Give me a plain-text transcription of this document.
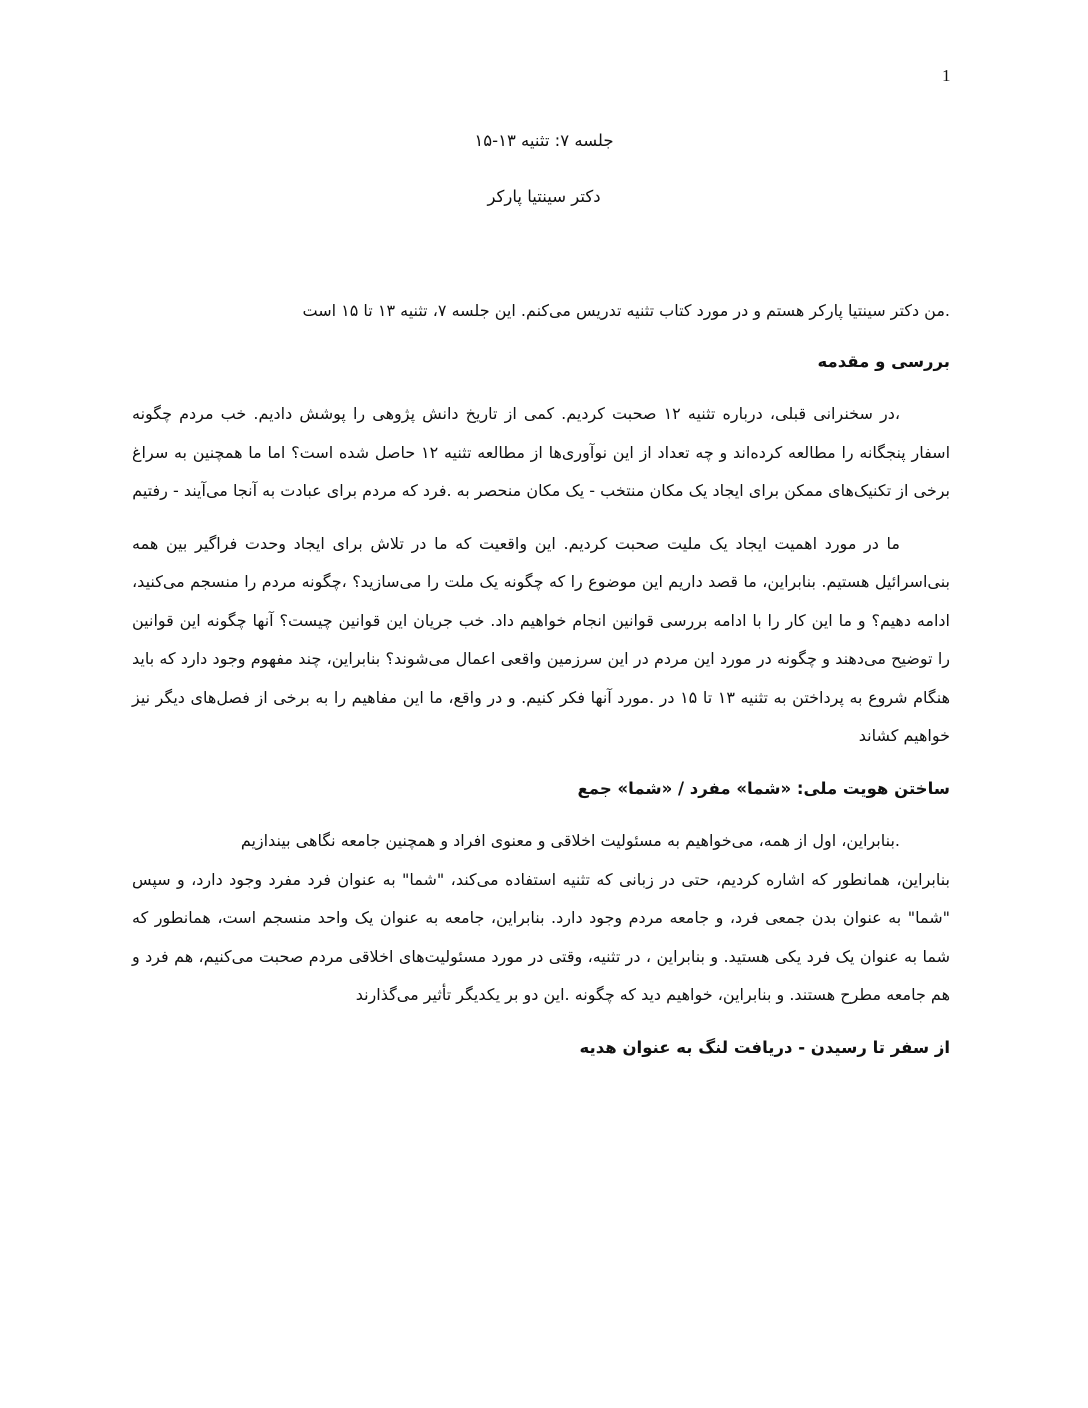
1
جلسه ۷: تثنیه ۱۳-۱۵
دکتر سینتیا پارکر

.من دکتر سینتیا پارکر هستم و در مورد کتاب تثنیه تدریس می‌کنم. این جلسه ۷، تثنیه ۱۳ تا ۱۵ است

بررسی و مقدمه

،در سخنرانی قبلی، درباره تثنیه ۱۲ صحبت کردیم. کمی از تاریخ دانش پژوهی را پوشش دادیم. خب مردم چگونه اسفار پنجگانه را مطالعه کرده‌اند و چه تعداد از این نوآوری‌ها از مطالعه تثنیه ۱۲ حاصل شده است؟ اما ما همچنین به سراغ برخی از تکنیک‌های ممکن برای ایجاد یک مکان منتخب - یک مکان منحصر به .فرد که مردم برای عبادت به آنجا می‌آیند - رفتیم

ما در مورد اهمیت ایجاد یک ملیت صحبت کردیم. این واقعیت که ما در تلاش برای ایجاد وحدت فراگیر بین همه بنی‌اسرائیل هستیم. بنابراین، ما قصد داریم این موضوع را که چگونه یک ملت را می‌سازید؟ ،چگونه مردم را منسجم می‌کنید، ادامه دهیم؟ و ما این کار را با ادامه بررسی قوانین انجام خواهیم داد. خب جریان این قوانین چیست؟ آنها چگونه این قوانین را توضیح می‌دهند و چگونه در مورد این مردم در این سرزمین واقعی اعمال می‌شوند؟ بنابراین، چند مفهوم وجود دارد که باید هنگام شروع به پرداختن به تثنیه ۱۳ تا ۱۵ در .مورد آنها فکر کنیم. و در واقع، ما این مفاهیم را به برخی از فصل‌های دیگر نیز خواهیم کشاند

ساختن هویت ملی: «شما» مفرد / «شما» جمع

.بنابراین، اول از همه، می‌خواهیم به مسئولیت اخلاقی و معنوی افراد و همچنین جامعه نگاهی بیندازیم

بنابراین، همانطور که اشاره کردیم، حتی در زبانی که تثنیه استفاده می‌کند، "شما" به عنوان فرد مفرد وجود دارد، و سپس "شما" به عنوان بدن جمعی فرد، و جامعه مردم وجود دارد. بنابراین، جامعه به عنوان یک واحد منسجم است، همانطور که شما به عنوان یک فرد یکی هستید. و بنابراین ، در تثنیه، وقتی در مورد مسئولیت‌های اخلاقی مردم صحبت می‌کنیم، هم فرد و هم جامعه مطرح هستند. و بنابراین، خواهیم دید که چگونه .این دو بر یکدیگر تأثیر می‌گذارند

از سفر تا رسیدن - دریافت لنگ به عنوان هدیه
